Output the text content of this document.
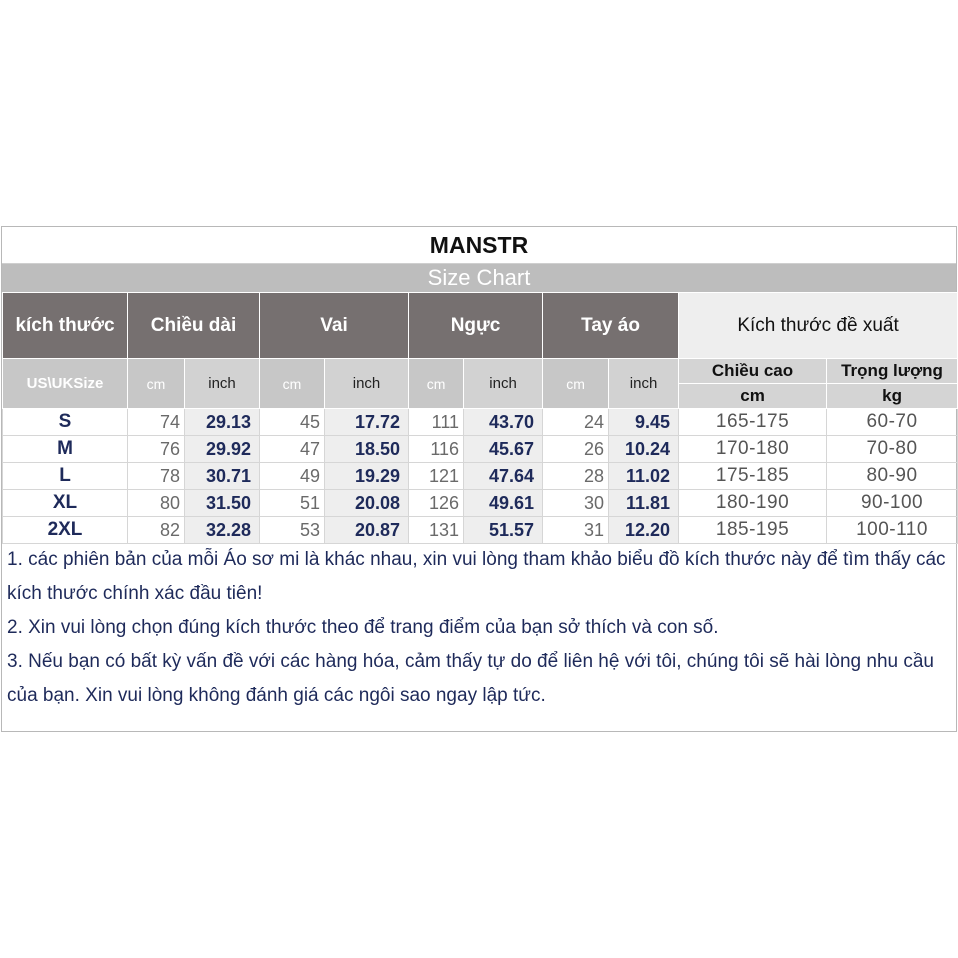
MANSTR
Size Chart
kích thước	Chiều dài		Vai		Ngực		Tay áo		Kích thước đề xuất	
US\UKSize	cm	inch	cm	inch	cm	inch	cm	inch	Chiều cao	Trọng lượng
									cm	kg
S	74	29.13	45	17.72	111	43.70	24	9.45	165-175	60-70
M	76	29.92	47	18.50	116	45.67	26	10.24	170-180	70-80
L	78	30.71	49	19.29	121	47.64	28	11.02	175-185	80-90
XL	80	31.50	51	20.08	126	49.61	30	11.81	180-190	90-100
2XL	82	32.28	53	20.87	131	51.57	31	12.20	185-195	100-110

1. các phiên bản của mỗi Áo sơ mi là khác nhau, xin vui lòng tham khảo biểu đồ kích thước này để tìm thấy các kích thước chính xác đầu tiên!

2. Xin vui lòng chọn đúng kích thước theo để trang điểm của bạn sở thích và con số.

3. Nếu bạn có bất kỳ vấn đề với các hàng hóa, cảm thấy tự do để liên hệ với tôi, chúng tôi sẽ hài lòng nhu cầu của bạn. Xin vui lòng không đánh giá các ngôi sao ngay lập tức.
